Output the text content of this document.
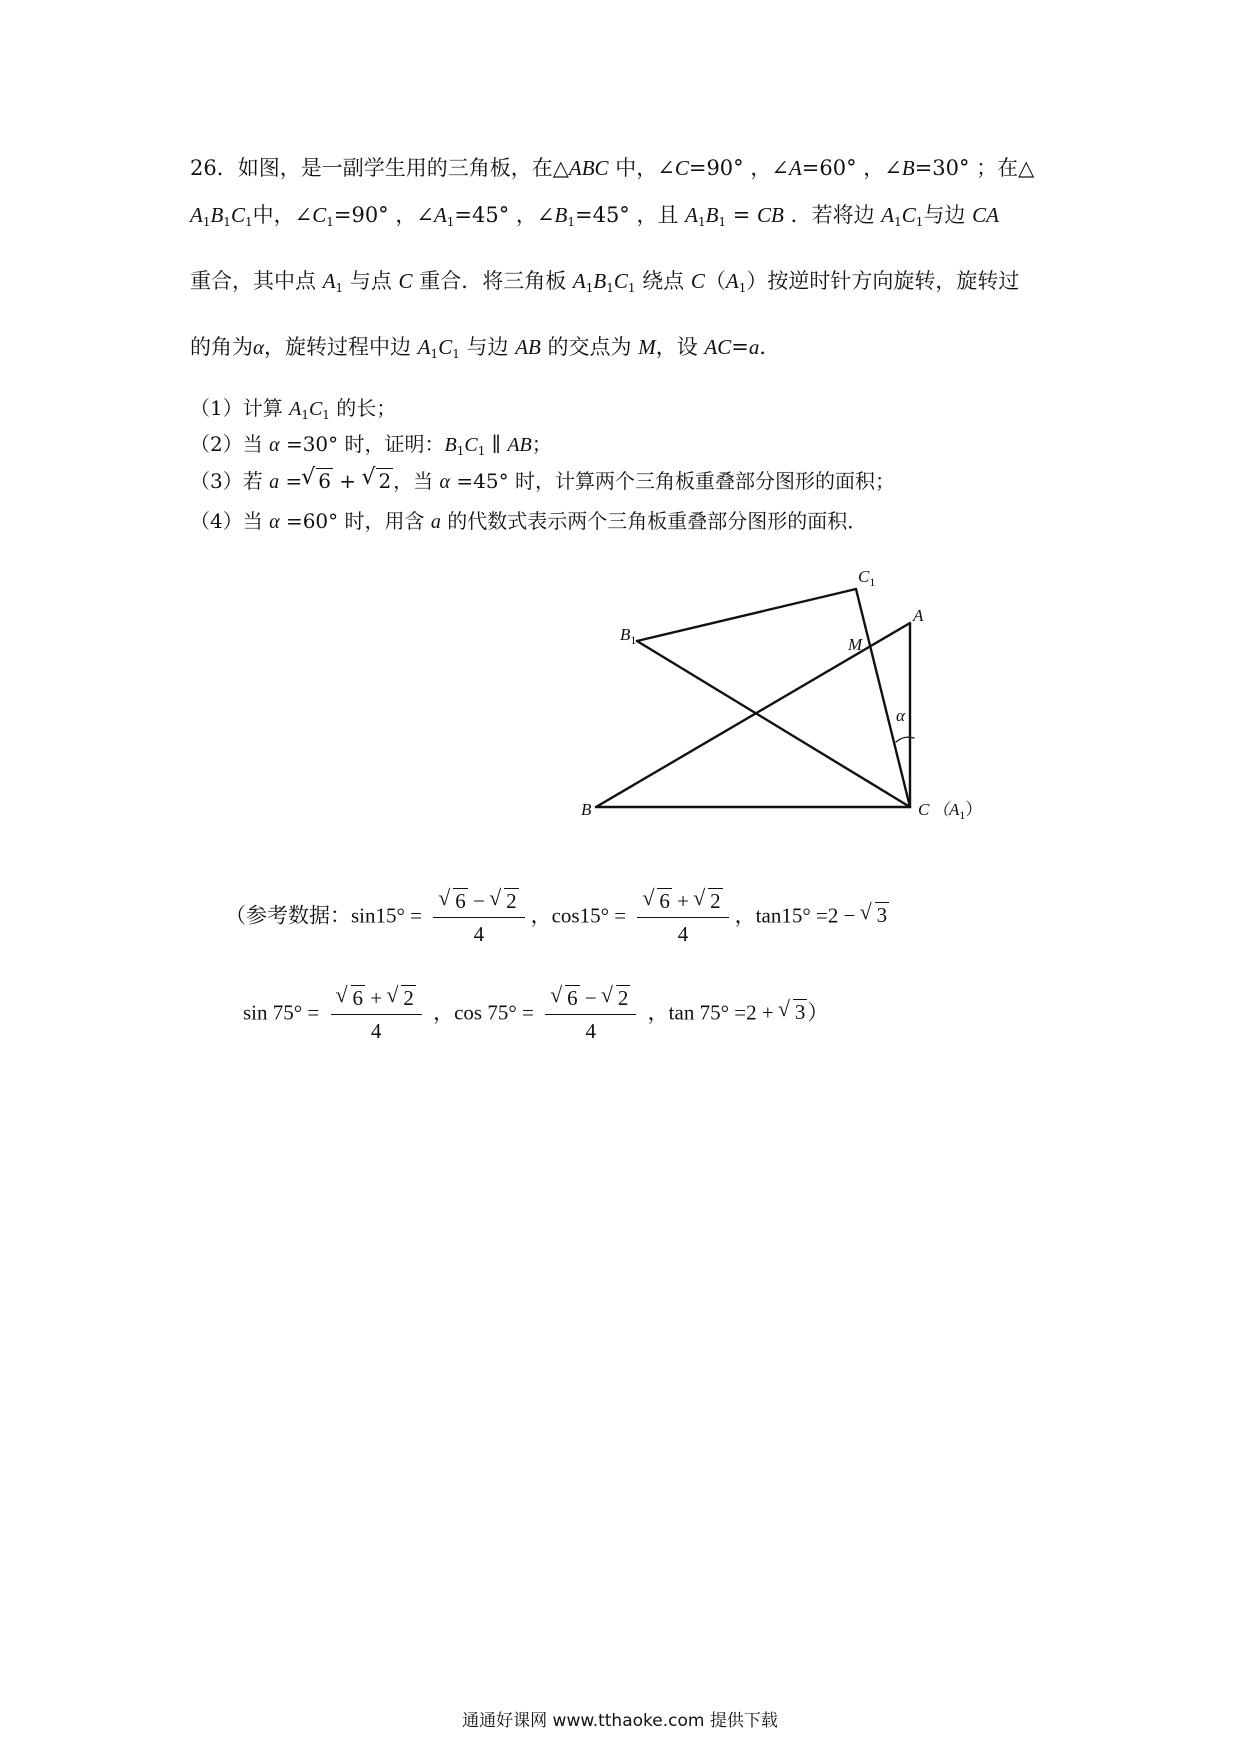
26．如图，是一副学生用的三角板，在△ABC 中，∠C=90° ，∠A=60° ，∠B=30° ；在△
$A_1B_1C_1$中，$\angle C_1=90^\circ$ ，$\angle A_1=45^\circ$ ，$\angle B_1=45^\circ$ ，且 $A_1B_1$ = CB ．若将边 $A_1C_1$与边 CA
重合，其中点 $A_1$ 与点 C 重合．将三角板 $A_1B_1C_1$ 绕点 $C(A_1)$按逆时针方向旋转，旋转过
的角为α，旋转过程中边 $A_1C_1$ 与边 AB 的交点为 M，设 AC=a．
（1）计算 $A_1C_1$ 的长；
（2）当 α =30° 时，证明：$B_1C_1$ ∥ AB；
（3）若 a = √ 6 + √ 2 ，当 α =45° 时，计算两个三角板重叠部分图形的面积；
（4）当 α =60° 时，用含 a 的代数式表示两个三角板重叠部分图形的面积．
$C_1$
A
$B_1$	M
α
B	C $(A_1)$
（参考数据：sin15° = √ $\frac{6 - √ 2}{4}$ ，cos15° = √ $\frac{6 + √ 2}{4}$ ，tan15° =2 − √ 3
sin 75° = √ $\frac{6 + √ 2}{4}$ ，cos 75° = √ $\frac{6 - √ 2}{4}$ ，tan 75° =2 + √ 3）
通通好课网 www.tthaoke.com 提供下载
